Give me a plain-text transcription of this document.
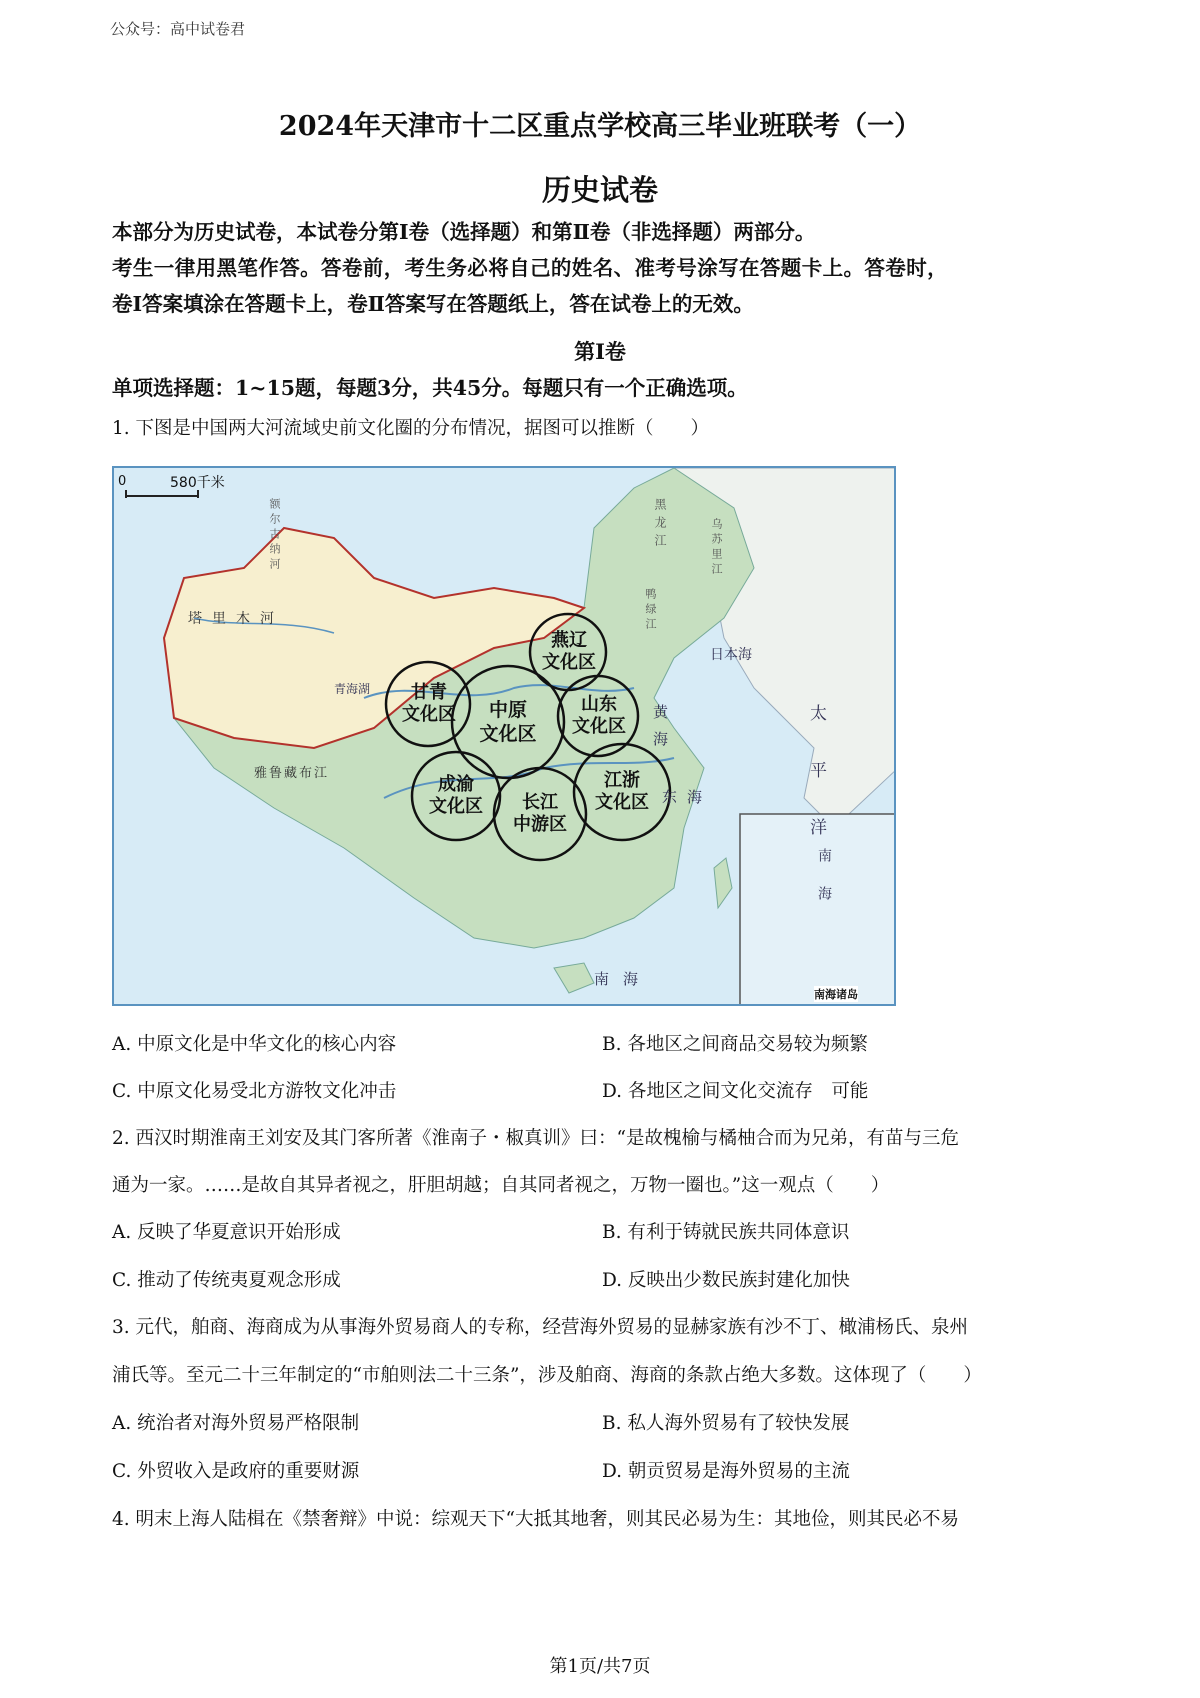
公众号：高中试卷君
2024年天津市十二区重点学校高三毕业班联考（一）
历史试卷
本部分为历史试卷，本试卷分第Ⅰ卷（选择题）和第Ⅱ卷（非选择题）两部分。
考生一律用黑笔作答。答卷前，考生务必将自己的姓名、准考号涂写在答题卡上。答卷时，
卷Ⅰ答案填涂在答题卡上，卷Ⅱ答案写在答题纸上，答在试卷上的无效。
第Ⅰ卷
单项选择题：1~15题，每题3分，共45分。每题只有一个正确选项。
1. 下图是中国两大河流域史前文化圈的分布情况，据图可以推断（　　）
0	580千米
甘青
文化区	中原
文化区
燕辽
文化区
山东
文化区
成渝
文化区	长江
中游区
江浙
文化区
塔里木河
青海湖
雅鲁藏布江
日本海
黄海
东海	太平洋
南海
南海诸岛
黑龙江
额尔古纳河	乌苏里江
鸭绿江
南海
A. 中原文化是中华文化的核心内容	B. 各地区之间商品交易较为频繁
C. 中原文化易受北方游牧文化冲击	D. 各地区之间文化交流存　可能
2. 西汉时期淮南王刘安及其门客所著《淮南子・椒真训》曰：“是故槐榆与橘柚合而为兄弟，有苗与三危
通为一家。……是故自其异者视之，肝胆胡越；自其同者视之，万物一圈也。”这一观点（　　）
A. 反映了华夏意识开始形成	B. 有利于铸就民族共同体意识
C. 推动了传统夷夏观念形成	D. 反映出少数民族封建化加快
3. 元代，舶商、海商成为从事海外贸易商人的专称，经营海外贸易的显赫家族有沙不丁、橄浦杨氏、泉州
浦氏等。至元二十三年制定的“市舶则法二十三条”，涉及舶商、海商的条款占绝大多数。这体现了（　　）
A. 统治者对海外贸易严格限制	B. 私人海外贸易有了较快发展
C. 外贸收入是政府的重要财源	D. 朝贡贸易是海外贸易的主流
4. 明末上海人陆楫在《禁奢辩》中说：综观天下“大抵其地奢，则其民必易为生：其地俭，则其民必不易
第1页/共7页
